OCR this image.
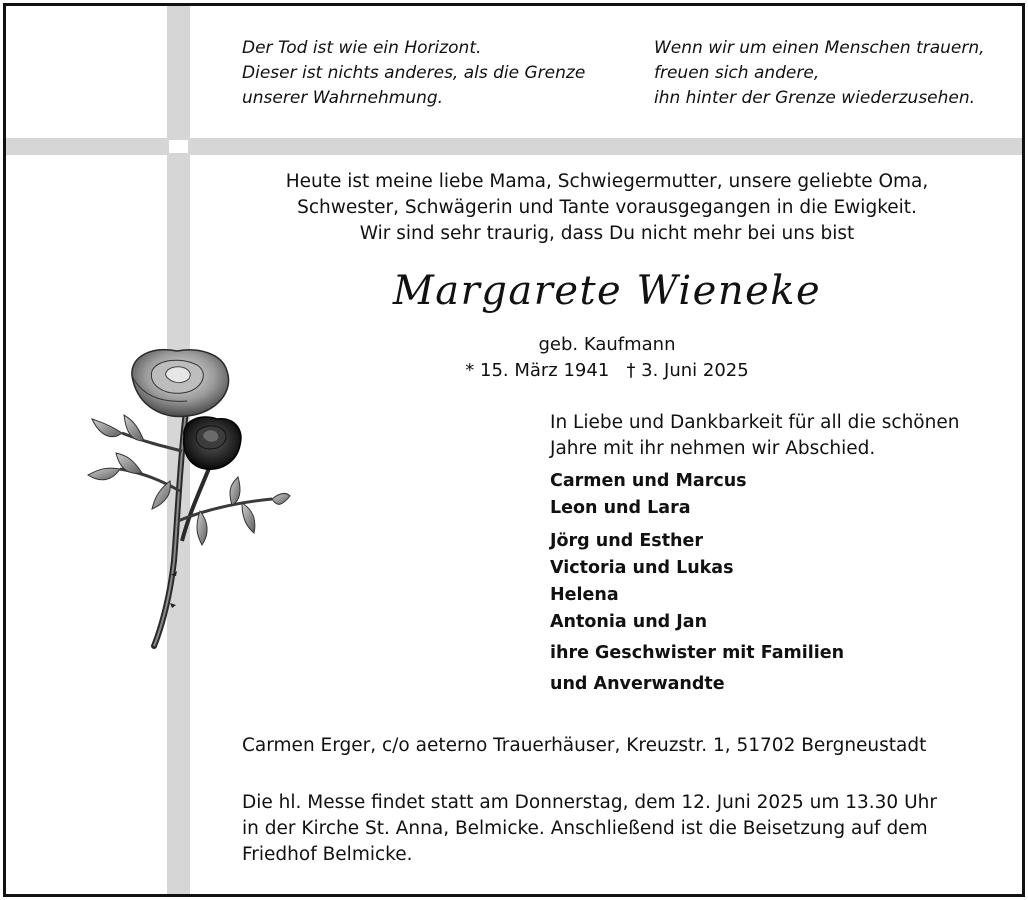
Der Tod ist wie ein Horizont.
Dieser ist nichts anderes, als die Grenze
unserer Wahrnehmung.
Wenn wir um einen Menschen trauern,
freuen sich andere,
ihn hinter der Grenze wiederzusehen.
Heute ist meine liebe Mama, Schwiegermutter, unsere geliebte Oma,
Schwester, Schwägerin und Tante vorausgegangen in die Ewigkeit.
Wir sind sehr traurig, dass Du nicht mehr bei uns bist
Margarete Wieneke
geb. Kaufmann
* 15. März 1941   † 3. Juni 2025
In Liebe und Dankbarkeit für all die schönen
Jahre mit ihr nehmen wir Abschied.
Carmen und Marcus
Leon und Lara
Jörg und Esther
Victoria und Lukas
Helena
Antonia und Jan
ihre Geschwister mit Familien
und Anverwandte
Carmen Erger, c/o aeterno Trauerhäuser, Kreuzstr. 1, 51702 Bergneustadt
Die hl. Messe findet statt am Donnerstag, dem 12. Juni 2025 um 13.30 Uhr
in der Kirche St. Anna, Belmicke. Anschließend ist die Beisetzung auf dem
Friedhof Belmicke.
